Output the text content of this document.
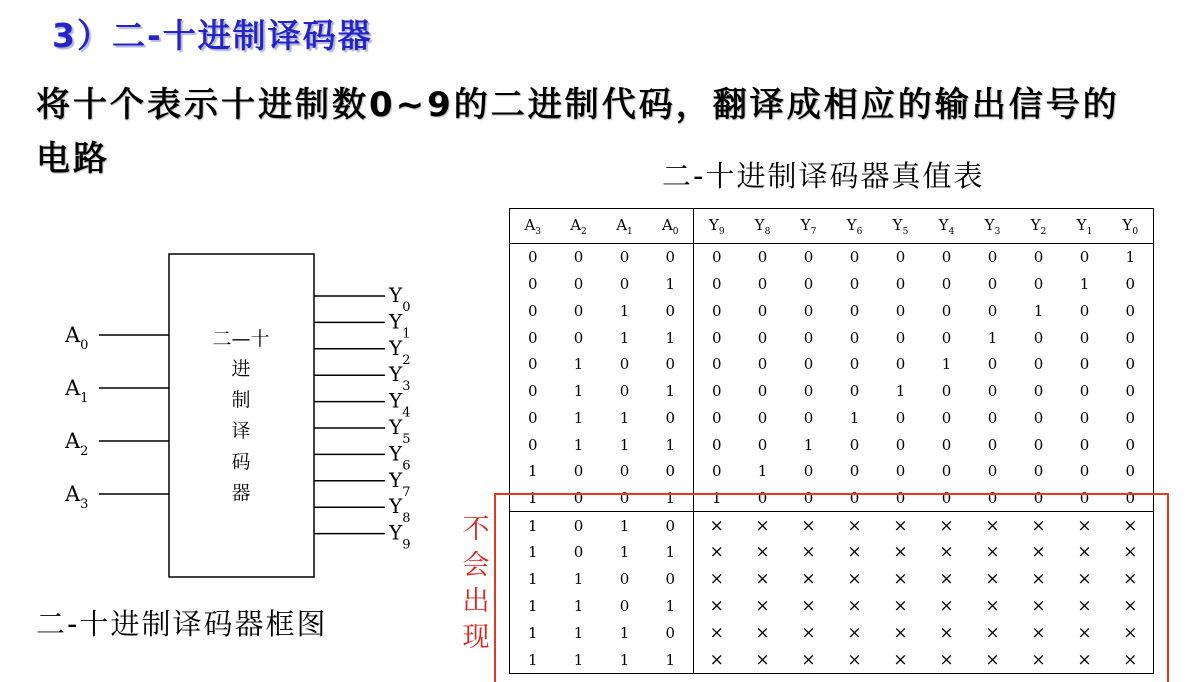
3）二-十进制译码器

将十个表示十进制数0~9的二进制代码，翻译成相应的输出信号的电路	二-十进制译码器真值表
二—十
进
制
译
码
器
$A_0$
$A_1$
$A_2$
$A_3$
$Y_0$
$Y_1$
$Y_2$
$Y_3$
$Y_4$
$Y_5$
$Y_6$
$Y_7$
$Y_8$
$Y_9$
二-十进制译码器框图
$A_3$	$A_2$	$A_1$	$A_0$	$Y_9$	$Y_8$	$Y_7$	$Y_6$	$Y_5$	$Y_4$	$Y_3$	$Y_2$	$Y_1$	$Y_0$
0	0	0	0	0	0	0	0	0	0	0	0	0	1
0	0	0	1	0	0	0	0	0	0	0	0	1	0
0	0	1	0	0	0	0	0	0	0	0	1	0	0
0	0	1	1	0	0	0	0	0	0	1	0	0	0
0	1	0	0	0	0	0	0	0	1	0	0	0	0
0	1	0	1	0	0	0	0	1	0	0	0	0	0
0	1	1	0	0	0	0	1	0	0	0	0	0	0
0	1	1	1	0	0	1	0	0	0	0	0	0	0
1	0	0	0	0	1	0	0	0	0	0	0	0	0
1	0	0	1	1	0	0	0	0	0	0	0	0	0
1	0	1	0	×	×	×	×	×	×	×	×	×	×
1	0	1	1	×	×	×	×	×	×	×	×	×	×
1	1	0	0	×	×	×	×	×	×	×	×	×	×
1	1	0	1	×	×	×	×	×	×	×	×	×	×
1	1	1	0	×	×	×	×	×	×	×	×	×	×
1	1	1	1	×	×	×	×	×	×	×	×	×	×
不
会
出
现
